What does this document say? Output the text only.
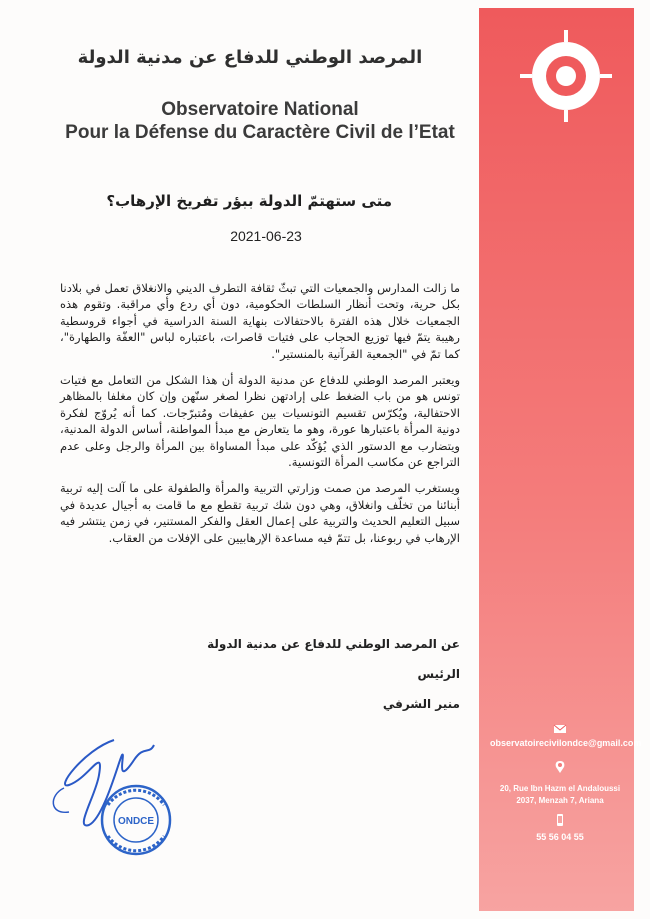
المرصد الوطني للدفاع عن مدنية الدولة
Observatoire National
Pour la Défense du Caractère Civil de l’Etat
متى ستهتمّ الدولة ببؤر تفريخ الإرهاب؟
2021-06-23

ما زالت المدارس والجمعيات التي تبثّ ثقافة التطرف الديني والانغلاق تعمل في بلادنا بكل حرية، وتحت أنظار السلطات الحكومية، دون أي ردع وأي مراقبة. وتقوم هذه الجمعيات خلال هذه الفترة بالاحتفالات بنهاية السنة الدراسية في أجواء قروسطية رهيبة يتمّ فيها توزيع الحجاب على فتيات قاصرات، باعتباره لباس "العفّة والطهارة"، كما تمّ في "الجمعية القرآنية بالمنستير".

ويعتبر المرصد الوطني للدفاع عن مدنية الدولة أن هذا الشكل من التعامل مع فتيات تونس هو من باب الضغط على إرادتهن نظرا لصغر سنّهن وإن كان مغلفا بالمظاهر الاحتفالية، ويُكرّس تقسيم التونسيات بين عفيفات ومُتبرّجات. كما أنه يُروّج لفكرة دونية المرأة باعتبارها عورة، وهو ما يتعارض مع مبدأ المواطنة، أساس الدولة المدنية، ويتضارب مع الدستور الذي يُؤكّد على مبدأ المساواة بين المرأة والرجل وعلى عدم التراجع عن مكاسب المرأة التونسية.

ويستغرب المرصد من صمت وزارتي التربية والمرأة والطفولة على ما آلت إليه تربية أبنائنا من تخلّف وانغلاق، وهي دون شك تربية تقطع مع ما قامت به أجيال عديدة في سبيل التعليم الحديث والتربية على إعمال العقل والفكر المستنير، في زمن ينتشر فيه الإرهاب في ربوعنا، بل تتمّ فيه مساعدة الإرهابيين على الإفلات من العقاب.

عن المرصد الوطني للدفاع عن مدنية الدولة
الرئيس
منير الشرفي
ONDCE
observatoirecivilondce@gmail.com
20, Rue Ibn Hazm el Andaloussi
2037, Menzah 7, Ariana
55 56 04 55
